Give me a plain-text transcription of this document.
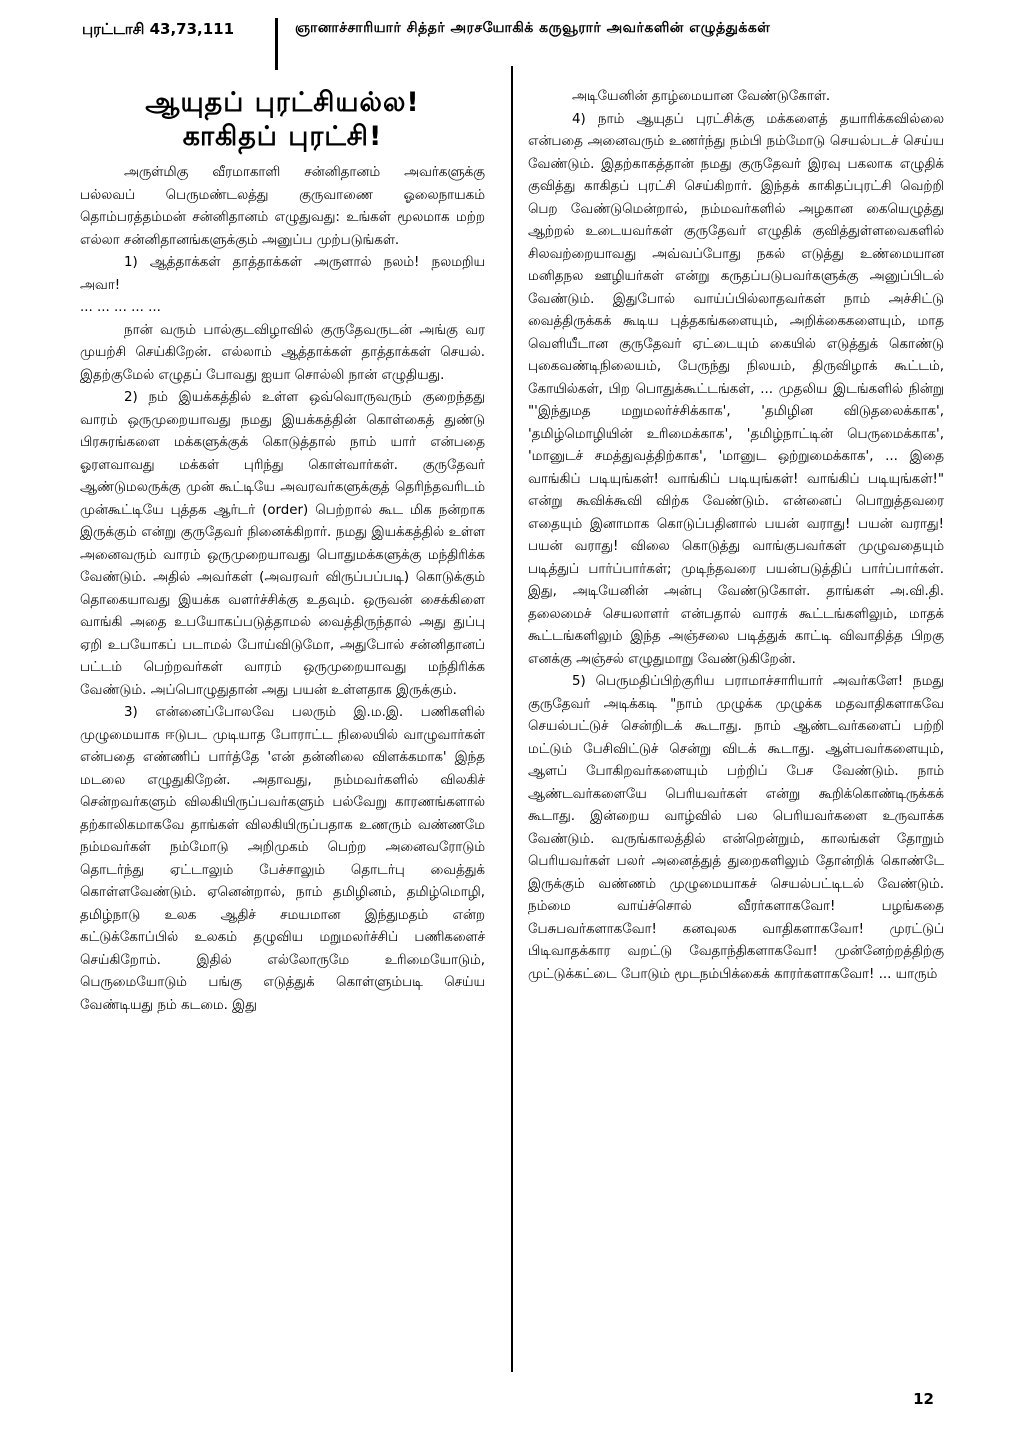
புரட்டாசி 43,73,111	ஞானாச்சாரியார் சித்தர் அரசயோகிக் கருவூரார் அவர்களின் எழுத்துக்கள்
ஆயுதப் புரட்சியல்ல!
காகிதப் புரட்சி!

அருள்மிகு வீரமாகாளி சன்னிதானம் அவர்களுக்கு பல்லவப் பெருமண்டலத்து குருவாணை ஓலைநாயகம் தொம்பரத்தம்மன் சன்னிதானம் எழுதுவது: உங்கள் மூலமாக மற்ற எல்லா சன்னிதானங்களுக்கும் அனுப்ப முற்படுங்கள்.

1) ஆத்தாக்கள் தாத்தாக்கள் அருளால் நலம்! நலமறிய அவா!

... ... ... ... ...

நான் வரும் பால்குடவிழாவில் குருதேவருடன் அங்கு வர முயற்சி செய்கிறேன். எல்லாம் ஆத்தாக்கள் தாத்தாக்கள் செயல். இதற்குமேல் எழுதப் போவது ஐயா சொல்லி நான் எழுதியது.

2) நம் இயக்கத்தில் உள்ள ஒவ்வொருவரும் குறைந்தது வாரம் ஒருமுறையாவது நமது இயக்கத்தின் கொள்கைத் துண்டு பிரசுரங்களை மக்களுக்குக் கொடுத்தால் நாம் யார் என்பதை ஓரளவாவது மக்கள் புரிந்து கொள்வார்கள். குருதேவர் ஆண்டுமலருக்கு முன் கூட்டியே அவரவர்களுக்குத் தெரிந்தவரிடம் முன்கூட்டியே புத்தக ஆர்டர் (order) பெற்றால் கூட மிக நன்றாக இருக்கும் என்று குருதேவர் நினைக்கிறார். நமது இயக்கத்தில் உள்ள அனைவரும் வாரம் ஒருமுறையாவது பொதுமக்களுக்கு மந்திரிக்க வேண்டும். அதில் அவர்கள் (அவரவர் விருப்பப்படி) கொடுக்கும் தொகையாவது இயக்க வளர்ச்சிக்கு உதவும். ஒருவன் சைக்கிளை வாங்கி அதை உபயோகப்படுத்தாமல் வைத்திருந்தால் அது துப்பு ஏறி உபயோகப் படாமல் போய்விடுமோ, அதுபோல் சன்னிதானப் பட்டம் பெற்றவர்கள் வாரம் ஒருமுறையாவது மந்திரிக்க வேண்டும். அப்பொழுதுதான் அது பயன் உள்ளதாக இருக்கும்.

3) என்னைப்போலவே பலரும் இ.ம.இ. பணிகளில் முழுமையாக ஈடுபட முடியாத போராட்ட நிலையில் வாழுவார்கள் என்பதை எண்ணிப் பார்த்தே 'என் தன்னிலை விளக்கமாக' இந்த மடலை எழுதுகிறேன். அதாவது, நம்மவர்களில் விலகிச் சென்றவர்களும் விலகியிருப்பவர்களும் பல்வேறு காரணங்களால் தற்காலிகமாகவே தாங்கள் விலகியிருப்பதாக உணரும் வண்ணமே நம்மவர்கள் நம்மோடு அறிமுகம் பெற்ற அனைவரோடும் தொடர்ந்து ஏட்டாலும் பேச்சாலும் தொடர்பு வைத்துக் கொள்ளவேண்டும். ஏனென்றால், நாம் தமிழினம், தமிழ்மொழி, தமிழ்நாடு உலக ஆதிச் சமயமான இந்துமதம் என்ற கட்டுக்கோப்பில் உலகம் தழுவிய மறுமலர்ச்சிப் பணிகளைச் செய்கிறோம். இதில் எல்லோருமே உரிமையோடும், பெருமையோடும் பங்கு எடுத்துக் கொள்ளும்படி செய்ய வேண்டியது நம் கடமை. இது

அடியேனின் தாழ்மையான வேண்டுகோள்.

4) நாம் ஆயுதப் புரட்சிக்கு மக்களைத் தயாரிக்கவில்லை என்பதை அனைவரும் உணர்ந்து நம்பி நம்மோடு செயல்படச் செய்ய வேண்டும். இதற்காகத்தான் நமது குருதேவர் இரவு பகலாக எழுதிக் குவித்து காகிதப் புரட்சி செய்கிறார். இந்தக் காகிதப்புரட்சி வெற்றி பெற வேண்டுமென்றால், நம்மவர்களில் அழகான கையெழுத்து ஆற்றல் உடையவர்கள் குருதேவர் எழுதிக் குவித்துள்ளவைகளில் சிலவற்றையாவது அவ்வப்போது நகல் எடுத்து உண்மையான மனிதநல ஊழியர்கள் என்று கருதப்படுபவர்களுக்கு அனுப்பிடல் வேண்டும். இதுபோல் வாய்ப்பில்லாதவர்கள் நாம் அச்சிட்டு வைத்திருக்கக் கூடிய புத்தகங்களையும், அறிக்கைகளையும், மாத வெளியீடான குருதேவர் ஏட்டையும் கையில் எடுத்துக் கொண்டு புகைவண்டிநிலையம், பேருந்து நிலயம், திருவிழாக் கூட்டம், கோயில்கள், பிற பொதுக்கூட்டங்கள், ... முதலிய இடங்களில் நின்று "'இந்துமத மறுமலர்ச்சிக்காக', 'தமிழின விடுதலைக்காக', 'தமிழ்மொழியின் உரிமைக்காக', 'தமிழ்நாட்டின் பெருமைக்காக', 'மானுடச் சமத்துவத்திற்காக', 'மானுட ஒற்றுமைக்காக', ... இதை வாங்கிப் படியுங்கள்! வாங்கிப் படியுங்கள்! வாங்கிப் படியுங்கள்!" என்று கூவிக்கூவி விற்க வேண்டும். என்னைப் பொறுத்தவரை எதையும் இனாமாக கொடுப்பதினால் பயன் வராது! பயன் வராது! பயன் வராது! விலை கொடுத்து வாங்குபவர்கள் முழுவதையும் படித்துப் பார்ப்பார்கள்; முடிந்தவரை பயன்படுத்திப் பார்ப்பார்கள். இது, அடியேனின் அன்பு வேண்டுகோள். தாங்கள் அ.வி.தி. தலைமைச் செயலாளர் என்பதால் வாரக் கூட்டங்களிலும், மாதக் கூட்டங்களிலும் இந்த அஞ்சலை படித்துக் காட்டி விவாதித்த பிறகு எனக்கு அஞ்சல் எழுதுமாறு வேண்டுகிறேன்.

5) பெருமதிப்பிற்குரிய பராமாச்சாரியார் அவர்களே! நமது குருதேவர் அடிக்கடி "நாம் முழுக்க முழுக்க மதவாதிகளாகவே செயல்பட்டுச் சென்றிடக் கூடாது. நாம் ஆண்டவர்களைப் பற்றி மட்டும் பேசிவிட்டுச் சென்று விடக் கூடாது. ஆள்பவர்களையும், ஆளப் போகிறவர்களையும் பற்றிப் பேச வேண்டும். நாம் ஆண்டவர்களையே பெரியவர்கள் என்று கூறிக்கொண்டிருக்கக் கூடாது. இன்றைய வாழ்வில் பல பெரியவர்களை உருவாக்க வேண்டும். வருங்காலத்தில் என்றென்றும், காலங்கள் தோறும் பெரியவர்கள் பலர் அனைத்துத் துறைகளிலும் தோன்றிக் கொண்டே இருக்கும் வண்ணம் முழுமையாகச் செயல்பட்டிடல் வேண்டும். நம்மை வாய்ச்சொல் வீரர்களாகவோ! பழங்கதை பேசுபவர்களாகவோ! கனவுலக வாதிகளாகவோ! முரட்டுப் பிடிவாதக்கார வறட்டு வேதாந்திகளாகவோ! முன்னேற்றத்திற்கு முட்டுக்கட்டை போடும் மூடநம்பிக்கைக் காரர்களாகவோ! ... யாரும்

12
